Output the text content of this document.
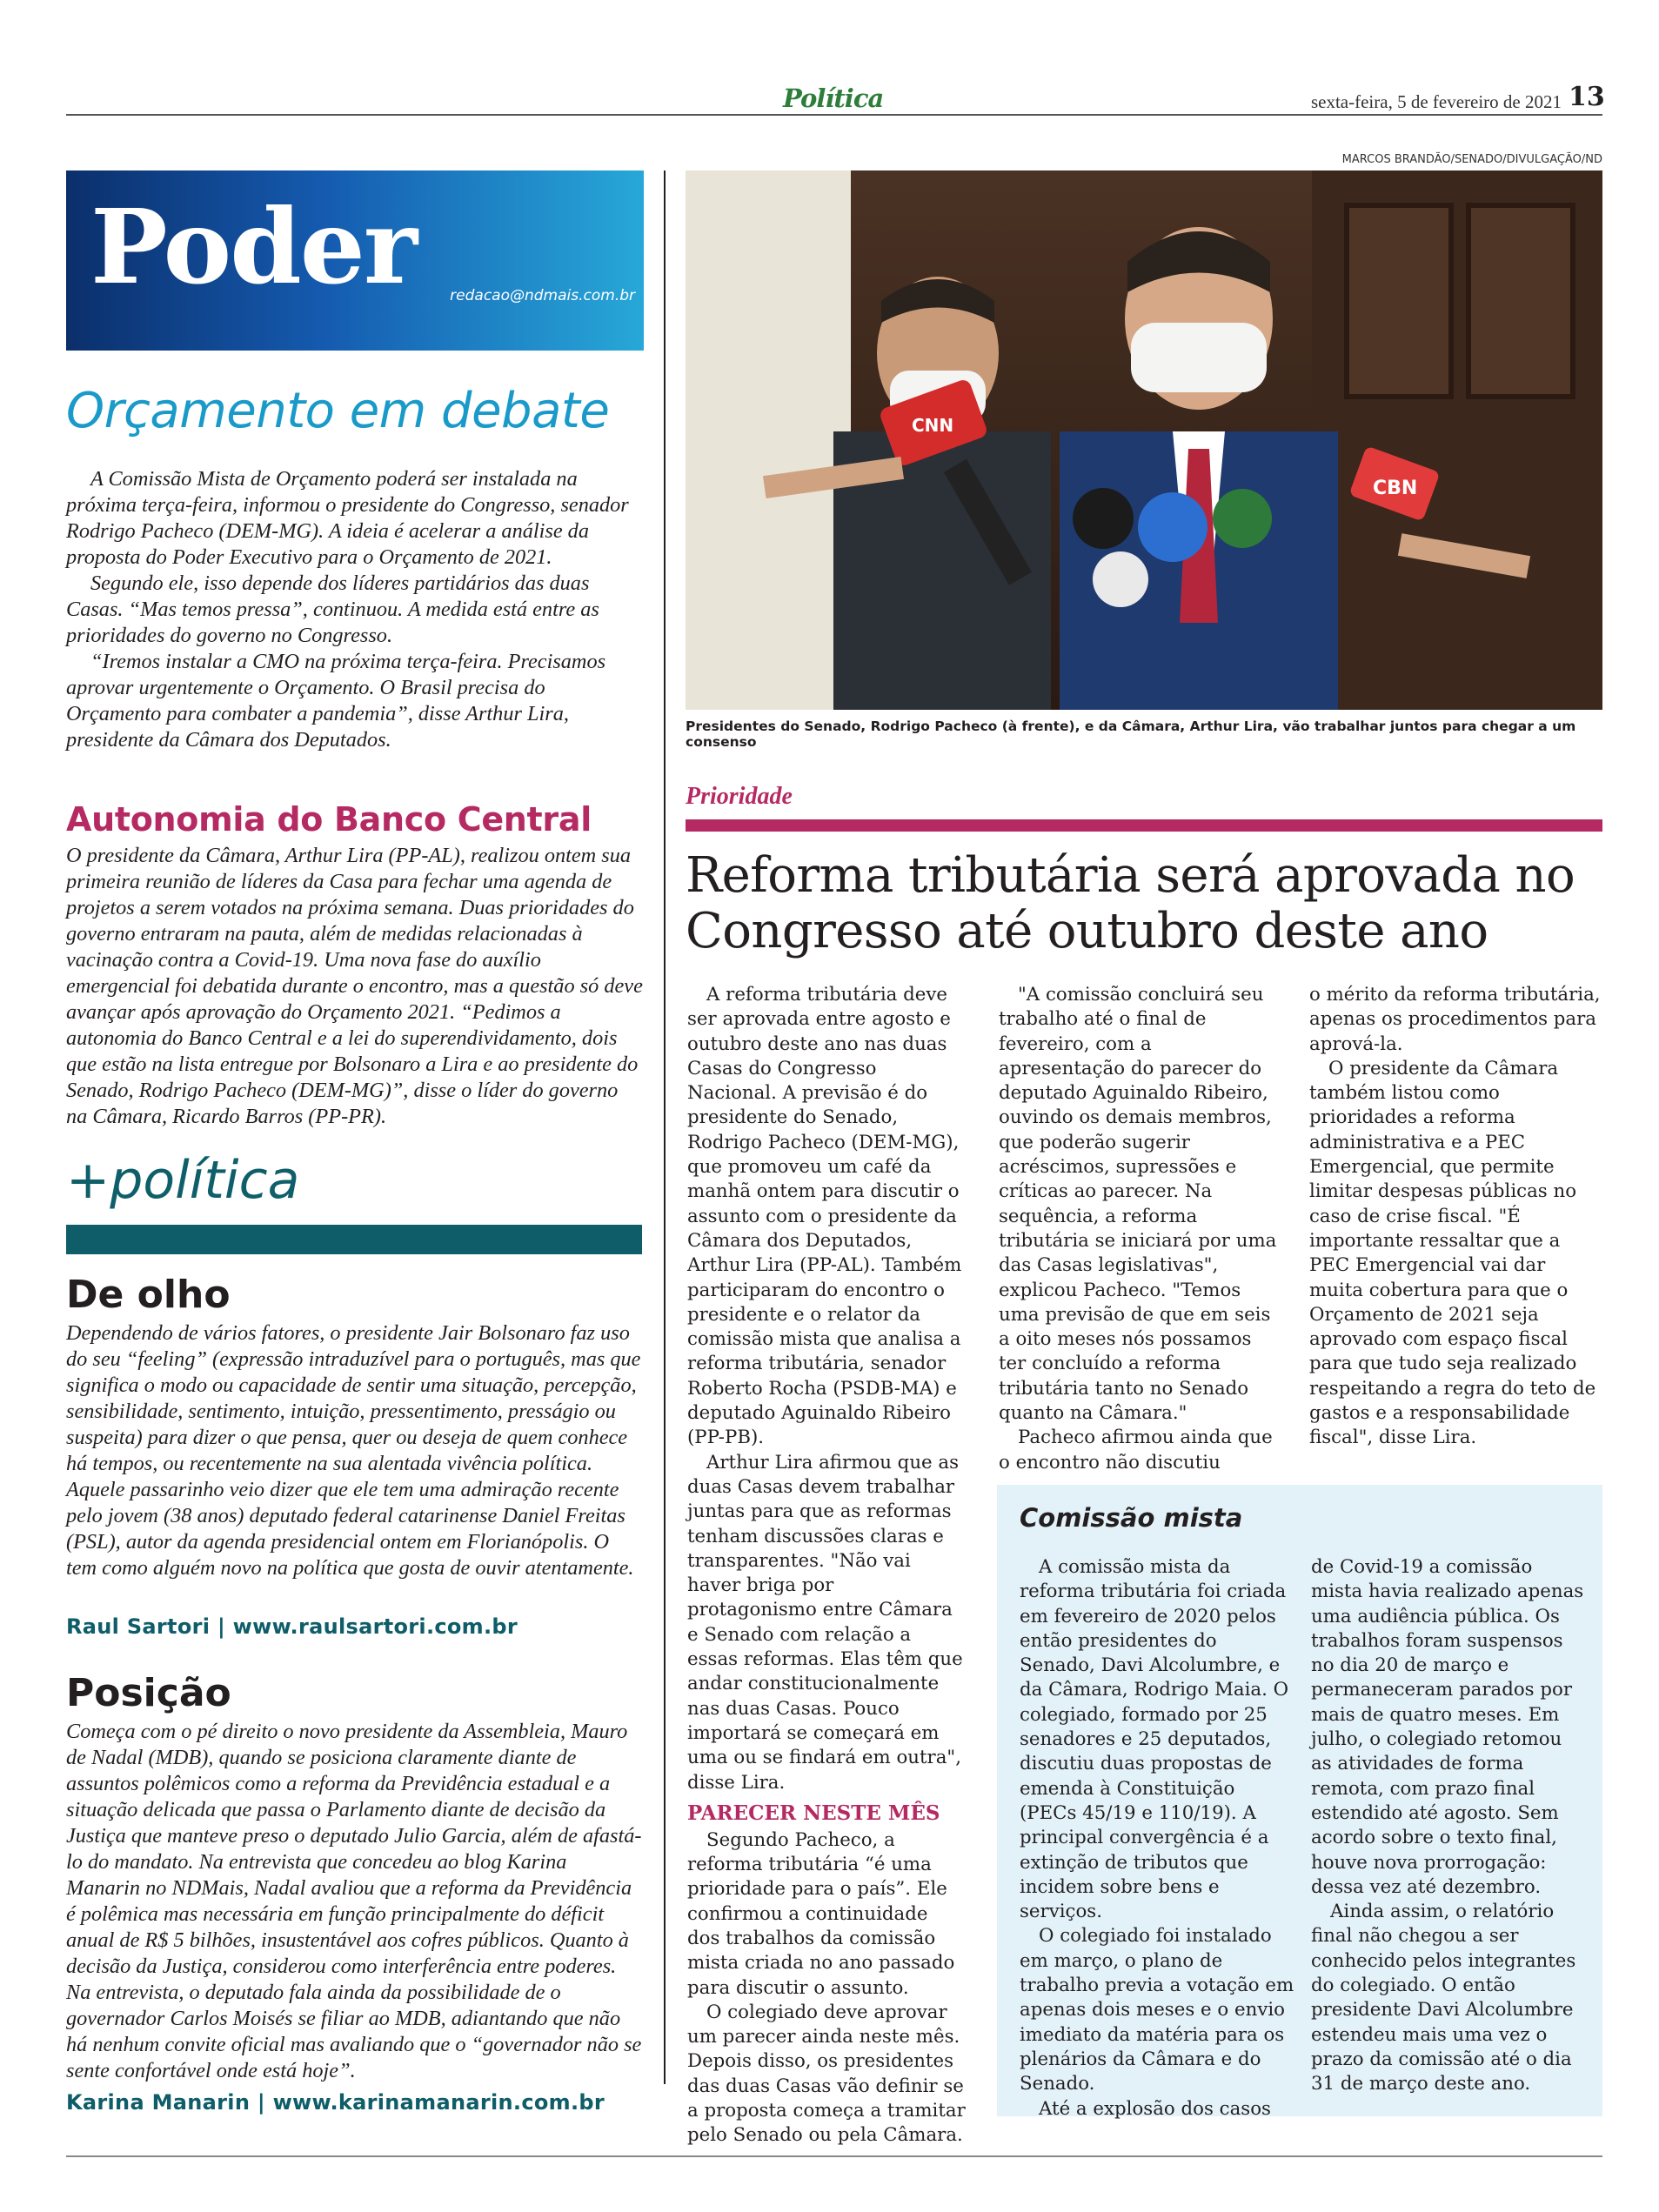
Política	sexta-feira, 5 de fevereiro de 2021 13
Poder	redacao@ndmais.com.br
Orçamento em debate

A Comissão Mista de Orçamento poderá ser instalada na próxima terça-feira, informou o presidente do Congresso, senador Rodrigo Pacheco (DEM-MG). A ideia é acelerar a análise da proposta do Poder Executivo para o Orçamento de 2021.

Segundo ele, isso depende dos líderes partidários das duas Casas. “Mas temos pressa”, continuou. A medida está entre as prioridades do governo no Congresso.

“Iremos instalar a CMO na próxima terça-feira. Precisamos aprovar urgentemente o Orçamento. O Brasil precisa do Orçamento para combater a pandemia”, disse Arthur Lira, presidente da Câmara dos Deputados.

Autonomia do Banco Central

O presidente da Câmara, Arthur Lira (PP-AL), realizou ontem sua primeira reunião de líderes da Casa para fechar uma agenda de projetos a serem votados na próxima semana. Duas prioridades do governo entraram na pauta, além de medidas relacionadas à vacinação contra a Covid-19. Uma nova fase do auxílio emergencial foi debatida durante o encontro, mas a questão só deve avançar após aprovação do Orçamento 2021. “Pedimos a autonomia do Banco Central e a lei do superendividamento, dois que estão na lista entregue por Bolsonaro a Lira e ao presidente do Senado, Rodrigo Pacheco (DEM-MG)”, disse o líder do governo na Câmara, Ricardo Barros (PP-PR).

+política
De olho

Dependendo de vários fatores, o presidente Jair Bolsonaro faz uso do seu “feeling” (expressão intraduzível para o português, mas que significa o modo ou capacidade de sentir uma situação, percepção, sensibilidade, sentimento, intuição, pressentimento, presságio ou suspeita) para dizer o que pensa, quer ou deseja de quem conhece há tempos, ou recentemente na sua alentada vivência política. Aquele passarinho veio dizer que ele tem uma admiração recente pelo jovem (38 anos) deputado federal catarinense Daniel Freitas (PSL), autor da agenda presidencial ontem em Florianópolis. O tem como alguém novo na política que gosta de ouvir atentamente.

Raul Sartori | www.raulsartori.com.br
Posição

Começa com o pé direito o novo presidente da Assembleia, Mauro de Nadal (MDB), quando se posiciona claramente diante de assuntos polêmicos como a reforma da Previdência estadual e a situação delicada que passa o Parlamento diante de decisão da Justiça que manteve preso o deputado Julio Garcia, além de afastá-lo do mandato. Na entrevista que concedeu ao blog Karina Manarin no NDMais, Nadal avaliou que a reforma da Previdência é polêmica mas necessária em função principalmente do déficit anual de R$ 5 bilhões, insustentável aos cofres públicos. Quanto à decisão da Justiça, considerou como interferência entre poderes. Na entrevista, o deputado fala ainda da possibilidade de o governador Carlos Moisés se filiar ao MDB, adiantando que não há nenhum convite oficial mas avaliando que o “governador não se sente confortável onde está hoje”.

Karina Manarin | www.karinamanarin.com.br
MARCOS BRANDÃO/SENADO/DIVULGAÇÃO/ND
CNN
CBN
Presidentes do Senado, Rodrigo Pacheco (à frente), e da Câmara, Arthur Lira, vão trabalhar juntos para chegar a um consenso
Prioridade
Reforma tributária será aprovada no Congresso até outubro deste ano

A reforma tributária deve ser aprovada entre agosto e outubro deste ano nas duas Casas do Congresso Nacional. A previsão é do presidente do Senado, Rodrigo Pacheco (DEM-MG), que promoveu um café da manhã ontem para discutir o assunto com o presidente da Câmara dos Deputados, Arthur Lira (PP-AL). Também participaram do encontro o presidente e o relator da comissão mista que analisa a reforma tributária, senador Roberto Rocha (PSDB-MA) e deputado Aguinaldo Ribeiro (PP-PB).

Arthur Lira afirmou que as duas Casas devem trabalhar juntas para que as reformas tenham discussões claras e transparentes. "Não vai haver briga por protagonismo entre Câmara e Senado com relação a essas reformas. Elas têm que andar constitucionalmente nas duas Casas. Pouco importará se começará em uma ou se findará em outra", disse Lira.

PARECER NESTE MÊS

Segundo Pacheco, a reforma tributária “é uma prioridade para o país”. Ele confirmou a continuidade dos trabalhos da comissão mista criada no ano passado para discutir o assunto.

O colegiado deve aprovar um parecer ainda neste mês. Depois disso, os presidentes das duas Casas vão definir se a proposta começa a tramitar pelo Senado ou pela Câmara.

"A comissão concluirá seu trabalho até o final de fevereiro, com a apresentação do parecer do deputado Aguinaldo Ribeiro, ouvindo os demais membros, que poderão sugerir acréscimos, supressões e críticas ao parecer. Na sequência, a reforma tributária se iniciará por uma das Casas legislativas", explicou Pacheco. "Temos uma previsão de que em seis a oito meses nós possamos ter concluído a reforma tributária tanto no Senado quanto na Câmara."

Pacheco afirmou ainda que o encontro não discutiu

o mérito da reforma tributária, apenas os procedimentos para aprová-la.

O presidente da Câmara também listou como prioridades a reforma administrativa e a PEC Emergencial, que permite limitar despesas públicas no caso de crise fiscal. "É importante ressaltar que a PEC Emergencial vai dar muita cobertura para que o Orçamento de 2021 seja aprovado com espaço fiscal para que tudo seja realizado respeitando a regra do teto de gastos e a responsabilidade fiscal", disse Lira.

Comissão mista

A comissão mista da reforma tributária foi criada em fevereiro de 2020 pelos então presidentes do Senado, Davi Alcolumbre, e da Câmara, Rodrigo Maia. O colegiado, formado por 25 senadores e 25 deputados, discutiu duas propostas de emenda à Constituição (PECs 45/19 e 110/19). A principal convergência é a extinção de tributos que incidem sobre bens e serviços.

O colegiado foi instalado em março, o plano de trabalho previa a votação em apenas dois meses e o envio imediato da matéria para os plenários da Câmara e do Senado.

Até a explosão dos casos

de Covid-19 a comissão mista havia realizado apenas uma audiência pública. Os trabalhos foram suspensos no dia 20 de março e permaneceram parados por mais de quatro meses. Em julho, o colegiado retomou as atividades de forma remota, com prazo final estendido até agosto. Sem acordo sobre o texto final, houve nova prorrogação: dessa vez até dezembro.

Ainda assim, o relatório final não chegou a ser conhecido pelos integrantes do colegiado. O então presidente Davi Alcolumbre estendeu mais uma vez o prazo da comissão até o dia 31 de março deste ano.
